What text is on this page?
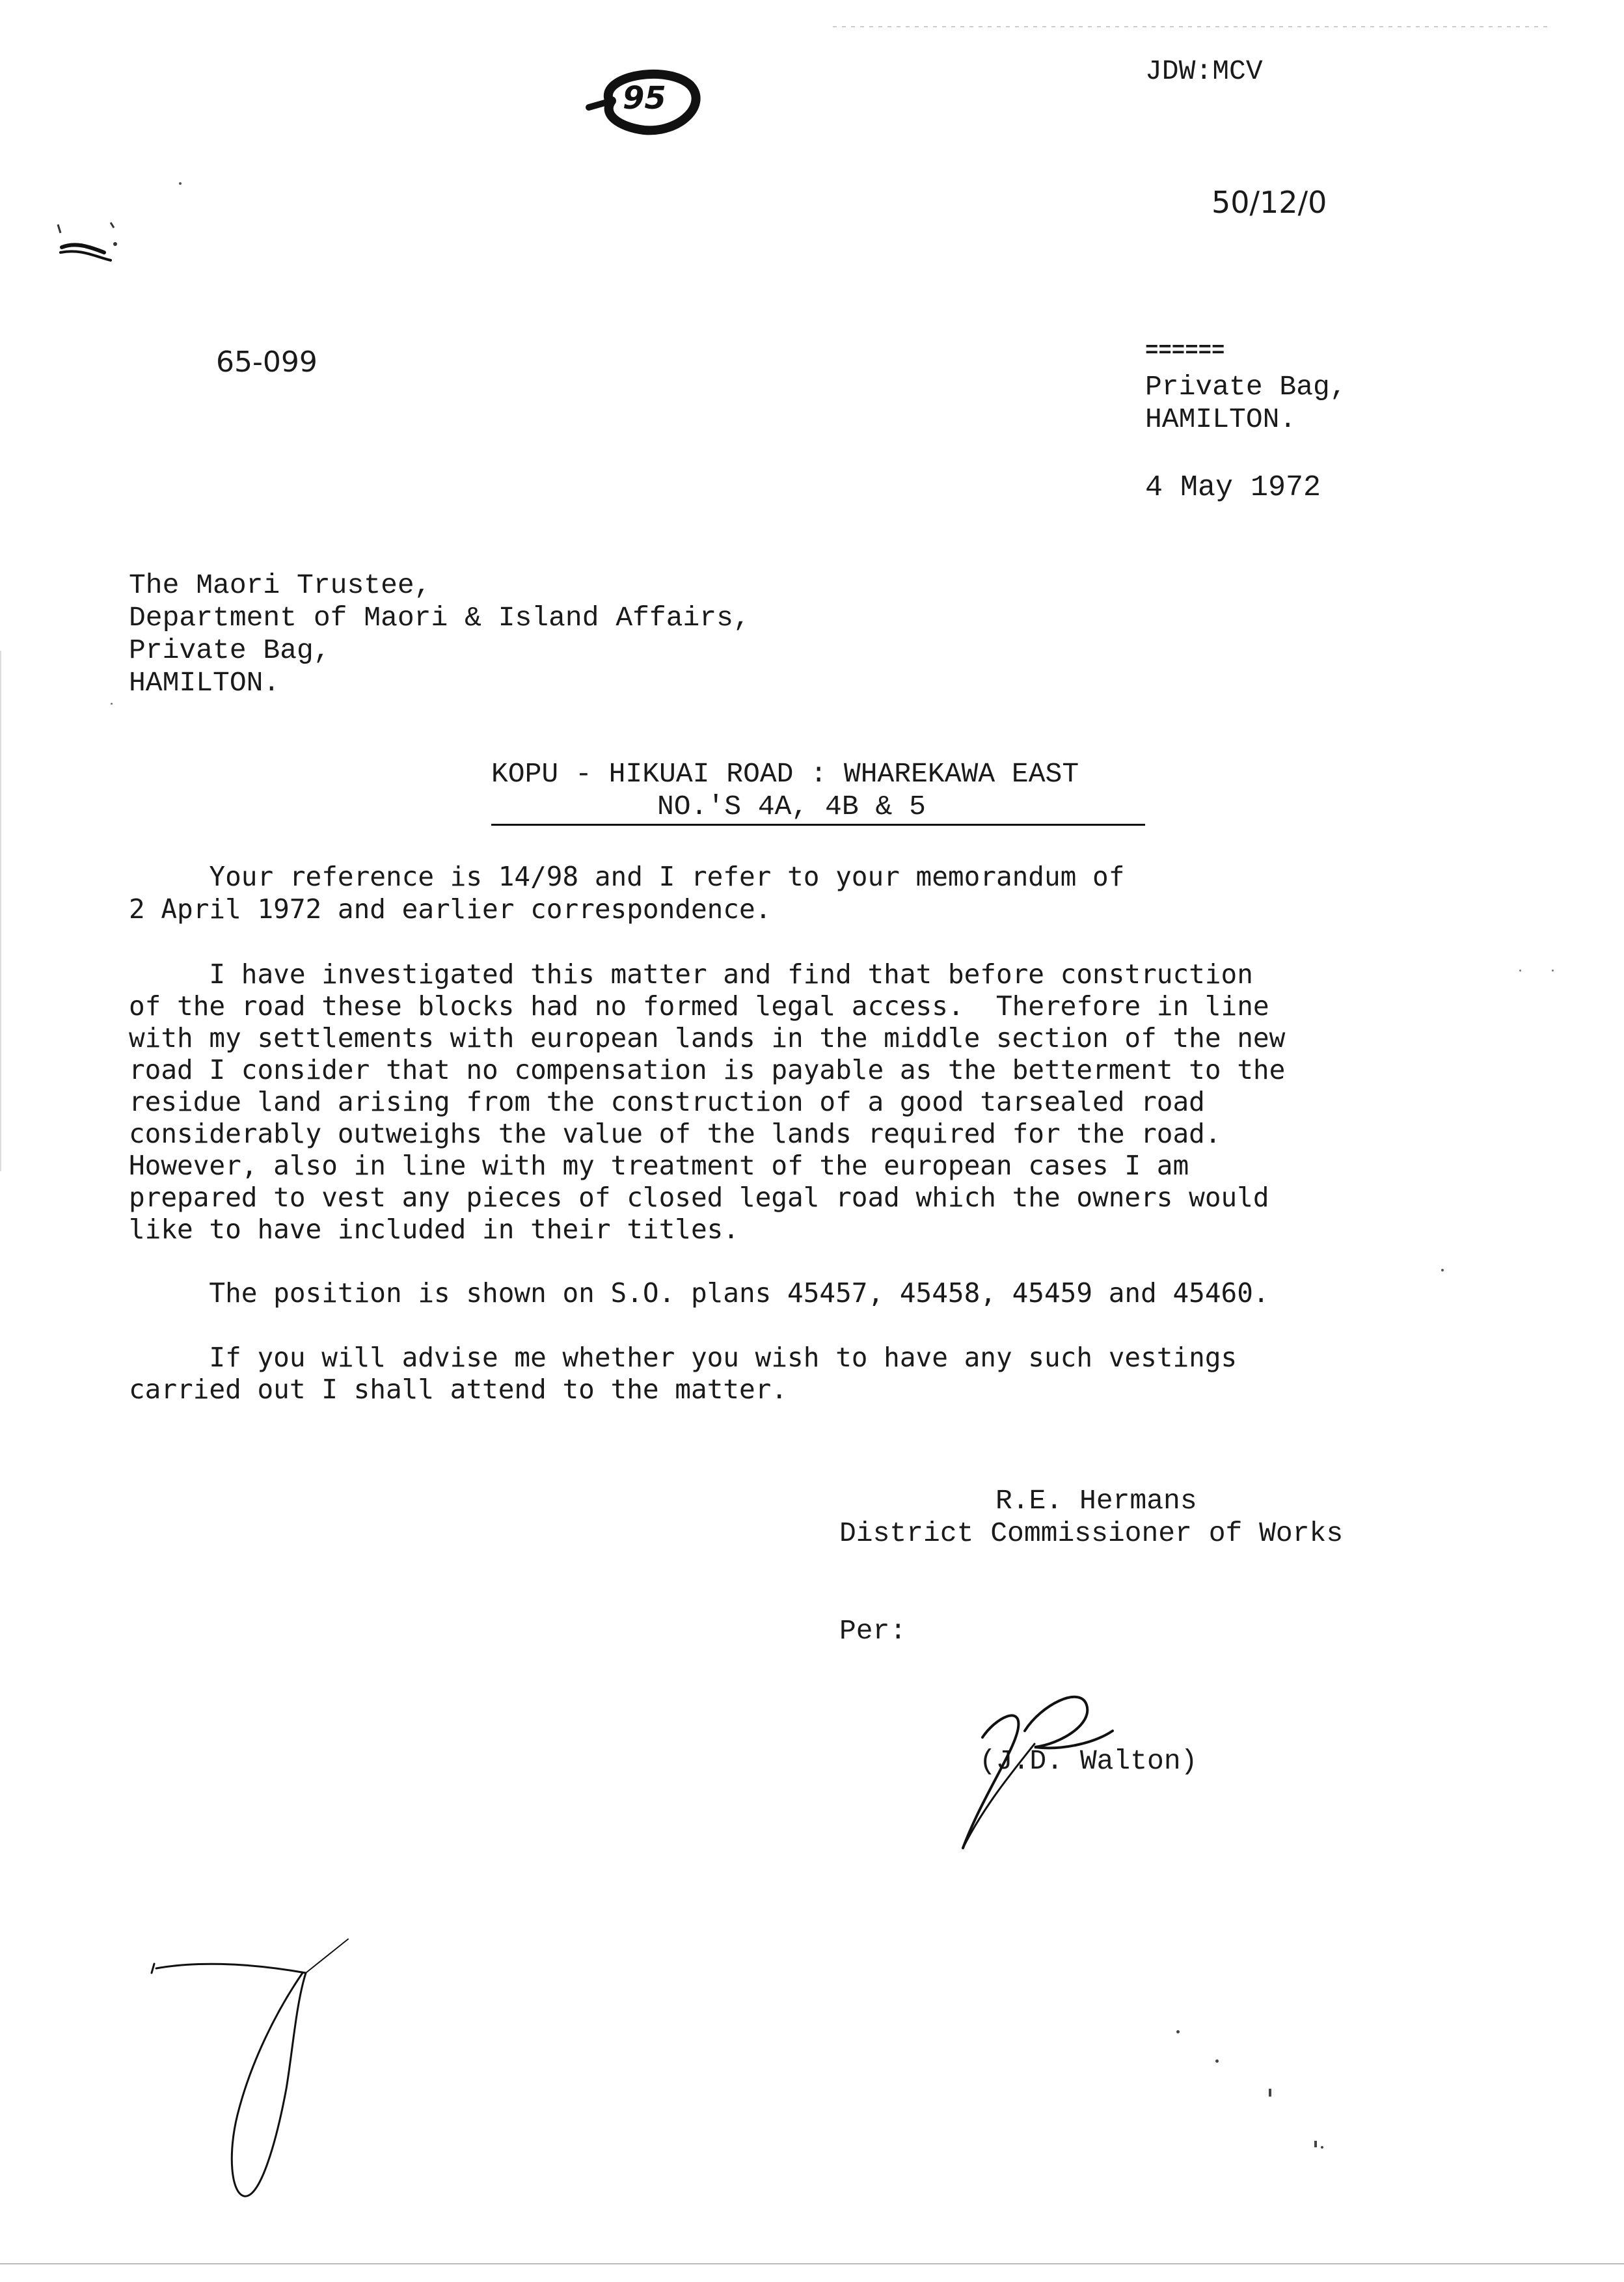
95
JDW:MCV
50/12/0
65-099	======
Private Bag,
HAMILTON.
4 May 1972
The Maori Trustee,
Department of Maori & Island Affairs,
Private Bag,
HAMILTON.
KOPU - HIKUAI ROAD : WHAREKAWA EAST
NO.'S 4A, 4B & 5
Your reference is 14/98 and I refer to your memorandum of
2 April 1972 and earlier correspondence.
I have investigated this matter and find that before construction
of the road these blocks had no formed legal access.  Therefore in line
with my settlements with european lands in the middle section of the new
road I consider that no compensation is payable as the betterment to the
residue land arising from the construction of a good tarsealed road
considerably outweighs the value of the lands required for the road.
However, also in line with my treatment of the european cases I am
prepared to vest any pieces of closed legal road which the owners would
like to have included in their titles.
The position is shown on S.O. plans 45457, 45458, 45459 and 45460.
If you will advise me whether you wish to have any such vestings
carried out I shall attend to the matter.
R.E. Hermans
District Commissioner of Works
Per:
(J.D. Walton)
